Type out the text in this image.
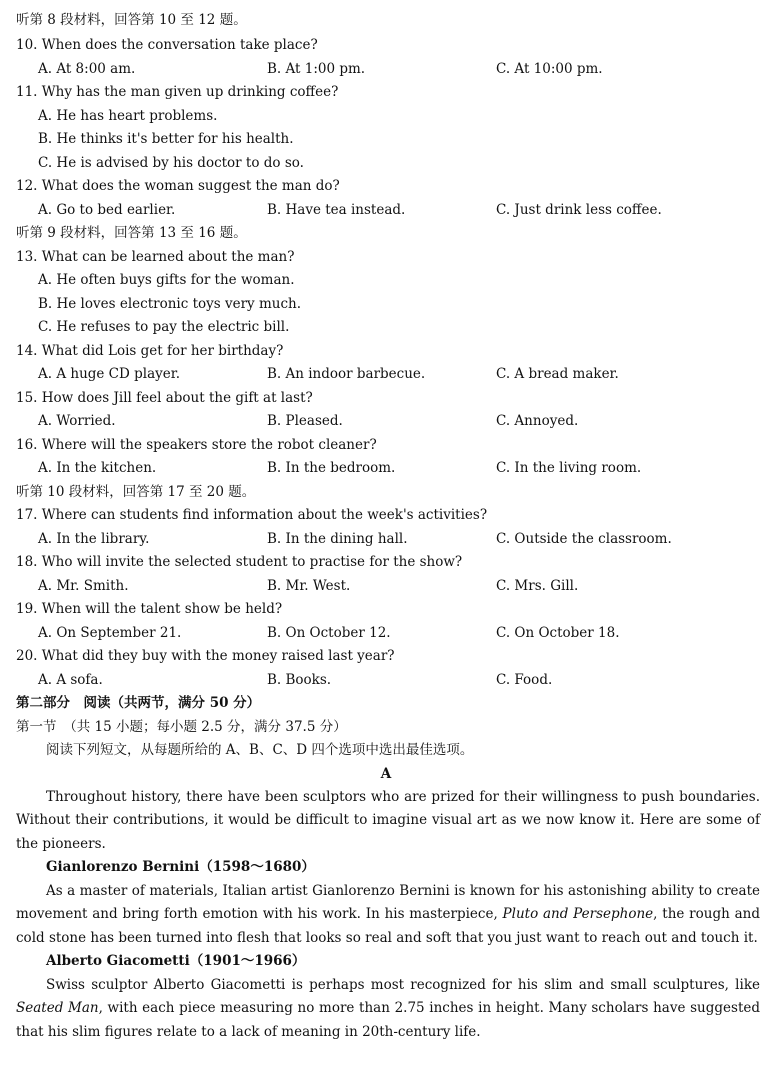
听第 8 段材料，回答第 10 至 12 题。
10. When does the conversation take place?
A. At 8:00 am.	B. At 1:00 pm.	C. At 10:00 pm.
11. Why has the man given up drinking coffee?
A. He has heart problems.
B. He thinks it's better for his health.
C. He is advised by his doctor to do so.
12. What does the woman suggest the man do?
A. Go to bed earlier.	B. Have tea instead.	C. Just drink less coffee.
听第 9 段材料，回答第 13 至 16 题。
13. What can be learned about the man?
A. He often buys gifts for the woman.
B. He loves electronic toys very much.
C. He refuses to pay the electric bill.
14. What did Lois get for her birthday?
A. A huge CD player.	B. An indoor barbecue.	C. A bread maker.
15. How does Jill feel about the gift at last?
A. Worried.	B. Pleased.	C. Annoyed.
16. Where will the speakers store the robot cleaner?
A. In the kitchen.	B. In the bedroom.	C. In the living room.
听第 10 段材料，回答第 17 至 20 题。
17. Where can students find information about the week's activities?
A. In the library.	B. In the dining hall.	C. Outside the classroom.
18. Who will invite the selected student to practise for the show?
A. Mr. Smith.	B. Mr. West.	C. Mrs. Gill.
19. When will the talent show be held?
A. On September 21.	B. On October 12.	C. On October 18.
20. What did they buy with the money raised last year?
A. A sofa.	B. Books.	C. Food.
第二部分　阅读（共两节，满分 50 分）
第一节　（共 15 小题；每小题 2.5 分，满分 37.5 分）
阅读下列短文，从每题所给的 A、B、C、D 四个选项中选出最佳选项。
A
Throughout history, there have been sculptors who are prized for their willingness to push boundaries. Without their contributions, it would be difficult to imagine visual art as we now know it. Here are some of the pioneers.
Gianlorenzo Bernini（1598～1680）
As a master of materials, Italian artist Gianlorenzo Bernini is known for his astonishing ability to create movement and bring forth emotion with his work. In his masterpiece, Pluto and Persephone, the rough and cold stone has been turned into flesh that looks so real and soft that you just want to reach out and touch it.
Alberto Giacometti（1901～1966）
Swiss sculptor Alberto Giacometti is perhaps most recognized for his slim and small sculptures, like Seated Man, with each piece measuring no more than 2.75 inches in height. Many scholars have suggested that his slim figures relate to a lack of meaning in 20th-century life.
